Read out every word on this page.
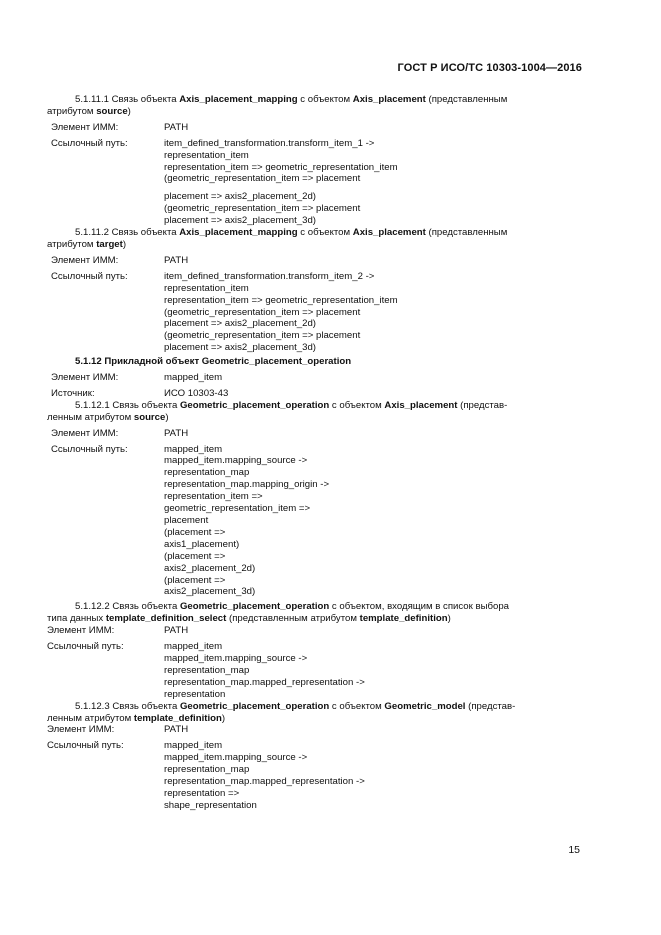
ГОСТ Р ИСО/ТС 10303-1004—2016

5.1.11.1 Связь объекта Axis_placement_mapping с объектом Axis_placement (представленным

атрибутом source)

Элемент ИММ:	PATH
Ссылочный путь:	item_defined_transformation.transform_item_1 ->
representation_item
representation_item => geometric_representation_item
(geometric_representation_item => placement
placement => axis2_placement_2d)
(geometric_representation_item => placement
placement => axis2_placement_3d)

5.1.11.2 Связь объекта Axis_placement_mapping с объектом Axis_placement (представленным

атрибутом target)

Элемент ИММ:	PATH
Ссылочный путь:	item_defined_transformation.transform_item_2 ->
representation_item
representation_item => geometric_representation_item
(geometric_representation_item => placement
placement => axis2_placement_2d)
(geometric_representation_item => placement
placement => axis2_placement_3d)

5.1.12 Прикладной объект Geometric_placement_operation

Элемент ИММ:	mapped_item
Источник:	ИСО 10303-43

5.1.12.1 Связь объекта Geometric_placement_operation с объектом Axis_placement (представ-

ленным атрибутом source)

Элемент ИММ:	PATH
Ссылочный путь:	mapped_item
mapped_item.mapping_source ->
representation_map
representation_map.mapping_origin ->
representation_item =>
geometric_representation_item =>
placement
(placement =>
axis1_placement)
(placement =>
axis2_placement_2d)
(placement =>
axis2_placement_3d)

5.1.12.2 Связь объекта Geometric_placement_operation с объектом, входящим в список выбора

типа данных template_definition_select (представленным атрибутом template_definition)

Элемент ИММ:	PATH
Ссылочный путь:	mapped_item
mapped_item.mapping_source ->
representation_map
representation_map.mapped_representation ->
representation

5.1.12.3 Связь объекта Geometric_placement_operation с объектом Geometric_model (представ-

ленным атрибутом template_definition)

Элемент ИММ:	PATH
Ссылочный путь:	mapped_item
mapped_item.mapping_source ->
representation_map
representation_map.mapped_representation ->
representation =>
shape_representation
15
